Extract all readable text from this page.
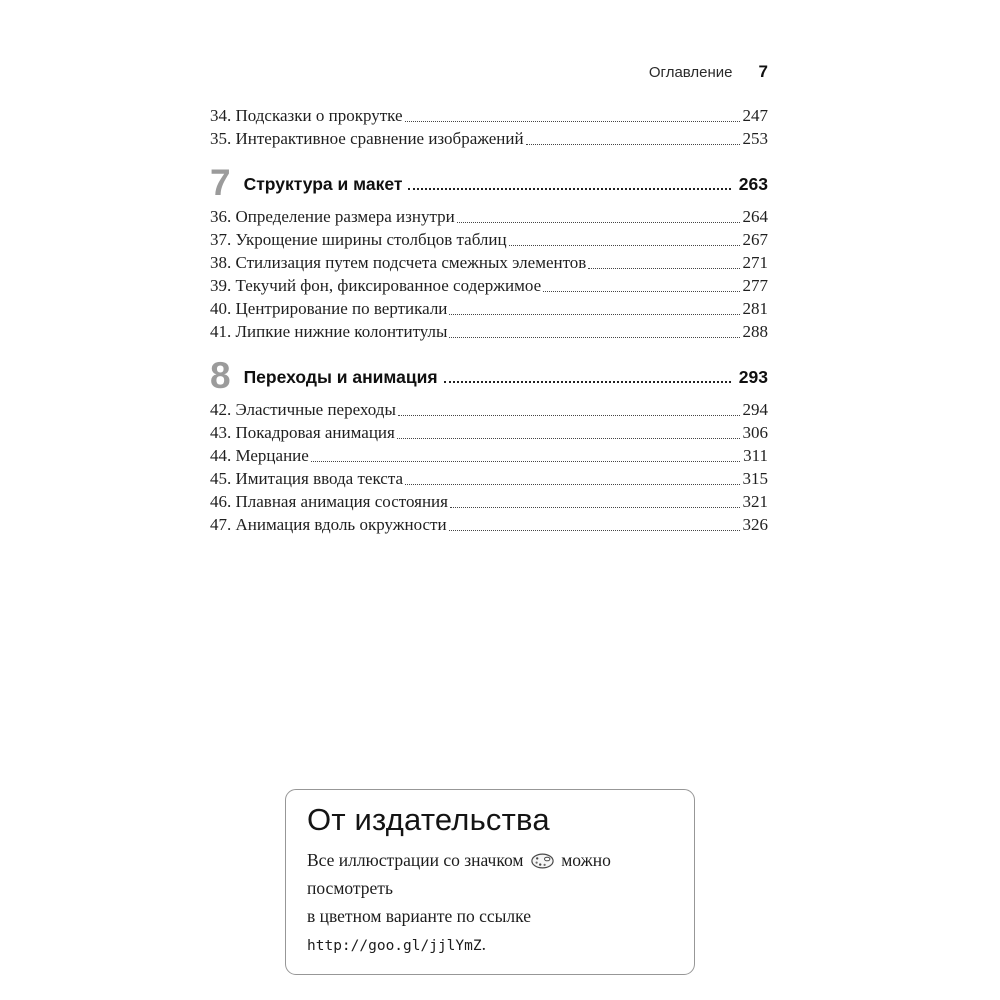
Оглавление 7
34. Подсказки о прокрутке	247
35. Интерактивное сравнение изображений	253
7 Структура и макет	263
36. Определение размера изнутри	264
37. Укрощение ширины столбцов таблиц	267
38. Стилизация путем подсчета смежных элементов	271
39. Текучий фон, фиксированное содержимое	277
40. Центрирование по вертикали	281
41. Липкие нижние колонтитулы	288
8 Переходы и анимация	293
42. Эластичные переходы	294
43. Покадровая анимация	306
44. Мерцание	311
45. Имитация ввода текста	315
46. Плавная анимация состояния	321
47. Анимация вдоль окружности	326
От издательства

Все иллюстрации со значком можно посмотреть
в цветном варианте по ссылке http://goo.gl/jjlYmZ.
